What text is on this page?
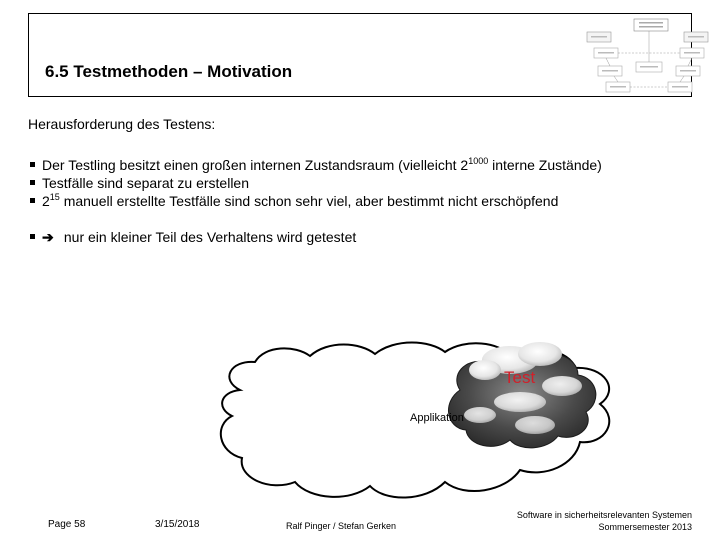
6.5 Testmethoden – Motivation
Herausforderung des Testens:
Der Testling besitzt einen großen internen Zustandsraum (vielleicht $2^{1000}$ interne Zustände)
Testfälle sind separat zu erstellen
$2^{15}$ manuell erstellte Testfälle sind schon sehr viel, aber bestimmt nicht erschöpfend
➔ nur ein kleiner Teil des Verhaltens wird getestet
Test
Applikation
Page 58	3/15/2018	Ralf Pinger / Stefan Gerken
Software in sicherheitsrelevanten Systemen
Sommersemester 2013
